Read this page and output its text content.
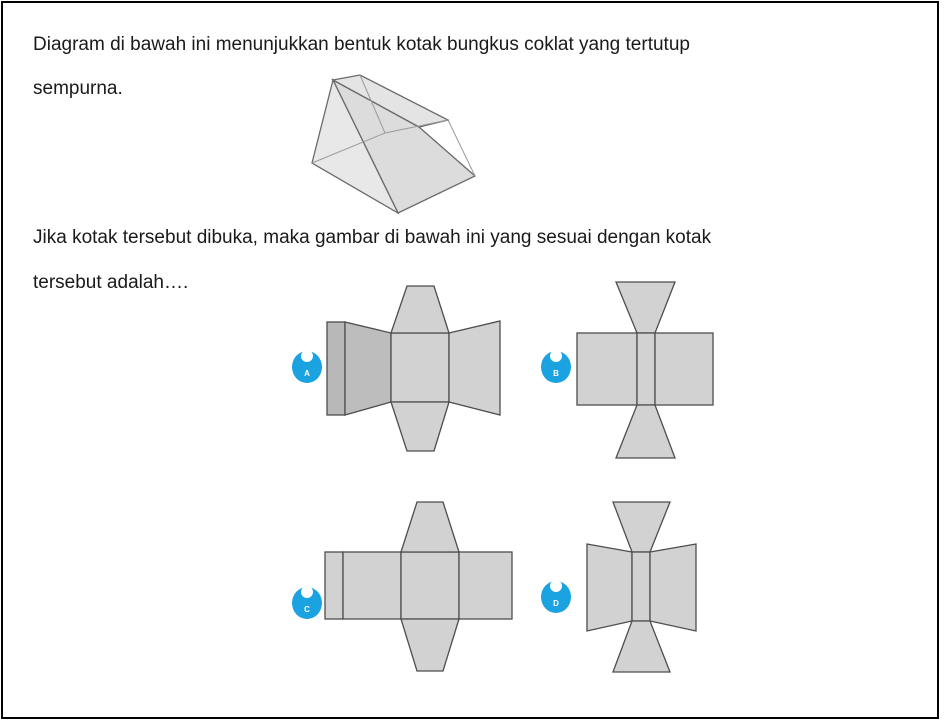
Diagram di bawah ini menunjukkan bentuk kotak bungkus coklat yang tertutup
sempurna.
Jika kotak tersebut dibuka, maka gambar di bawah ini yang sesuai dengan kotak
tersebut adalah….
A	B
C
D
